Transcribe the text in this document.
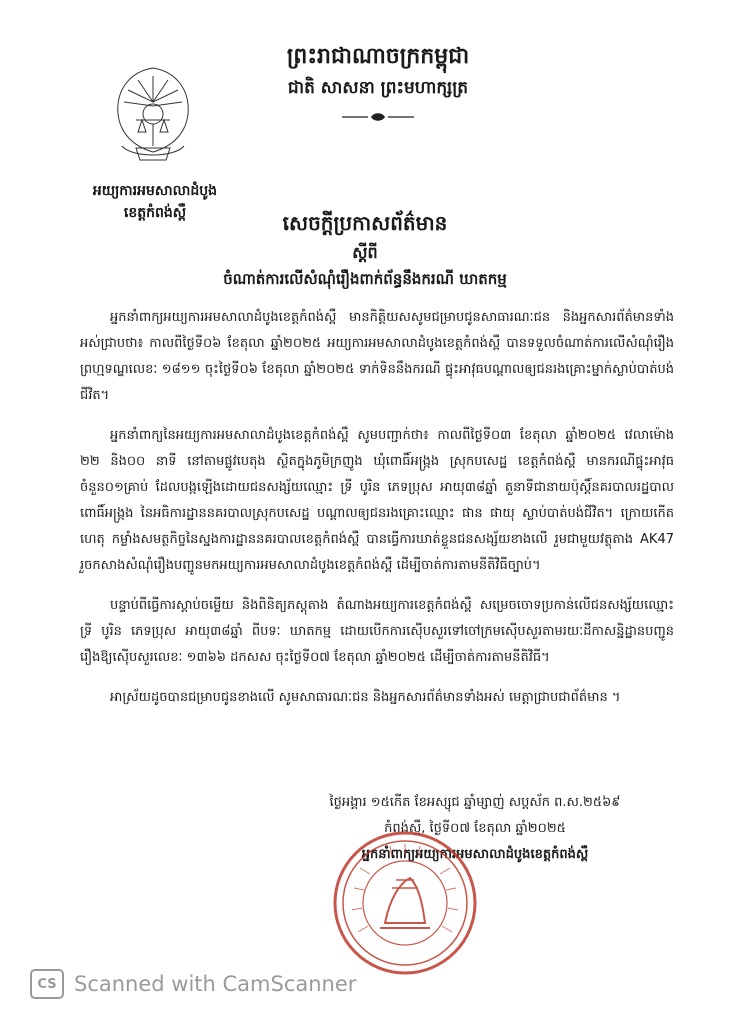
អយ្យការអមសាលាដំបូង
ខេត្តកំពង់ស្ពឺ
ព្រះរាជាណាចក្រកម្ពុជា
ជាតិ សាសនា ព្រះមហាក្សត្រ
សេចក្តីប្រកាសព័ត៌មាន
ស្តីពី
ចំណាត់ការលើសំណុំរឿងពាក់ព័ន្ធនឹងករណី ឃាតកម្ម

អ្នកនាំពាក្យអយ្យការអមសាលាដំបូងខេត្តកំពង់ស្ពឺ មានកិត្តិយសសូមជម្រាបជូនសាធារណៈជន និងអ្នកសារព័ត៌មានទាំងអស់ជ្រាបថា៖ កាលពីថ្ងៃទី០៦ ខែតុលា ឆ្នាំ២០២៥ អយ្យការអមសាលាដំបូងខេត្តកំពង់ស្ពឺ បានទទួលចំណាត់ការលើសំណុំរឿងព្រហ្មទណ្ឌលេខៈ ១៨១១ ចុះថ្ងៃទី០៦ ខែតុលា ឆ្នាំ២០២៥ ទាក់ទិននឹងករណី ផ្ទុះអាវុធបណ្តាលឲ្យជនរងគ្រោះម្នាក់ស្លាប់បាត់បង់ជីវិត។

អ្នកនាំពាក្យនៃអយ្យការអមសាលាដំបូងខេត្តកំពង់ស្ពឺ សូមបញ្ជាក់ថា៖ កាលពីថ្ងៃទី០៣ ខែតុលា ឆ្នាំ២០២៥ វេលាម៉ោង ២២ និង០០ នាទី នៅតាមផ្លូវបេតុង ស្ថិតក្នុងភូមិក្រញូង ឃុំពោធិ៍អង្រ្កង ស្រុកបសេដ្ឋ ខេត្តកំពង់ស្ពឺ មានករណីផ្ទុះអាវុធចំនួន០១គ្រាប់ ដែលបង្កឡើងដោយជនសង្ស័យឈ្មោះ ទ្រី បូរិន ភេទប្រុស អាយុ៣៨ឆ្នាំ តួនាទីជានាយប៉ុស្តិ៍នគរបាលរដ្ឋបាលពោធិ៍អង្រ្កង នៃអធិការដ្ឋាននគរបាលស្រុកបសេដ្ឋ បណ្តាលឲ្យជនរងគ្រោះឈ្មោះ ផាន ផាយុ ស្លាប់បាត់បង់ជីវិត។ ក្រោយកើតហេតុ កម្លាំងសមត្ថកិច្ចនៃស្នងការដ្ឋាននគរបាលខេត្តកំពង់ស្ពឺ បានធ្វើការឃាត់ខ្លួនជនសង្ស័យខាងលើ រួមជាមួយវត្ថុតាង AK47 រួចកសាងសំណុំរឿងបញ្ជូនមកអយ្យការអមសាលាដំបូងខេត្តកំពង់ស្ពឺ ដើម្បីចាត់ការតាមនីតិវិធីច្បាប់។

បន្ទាប់ពីធ្វើការស្តាប់ចម្លើយ និងពិនិត្យភស្តុតាង តំណាងអយ្យការខេត្តកំពង់ស្ពឺ សម្រេចចោទប្រកាន់លើជនសង្ស័យឈ្មោះ ទ្រី បូរិន ភេទប្រុស អាយុ៣៨ឆ្នាំ ពីបទៈ ឃាតកម្ម ដោយបើកការស៊ើបសួរទៅចៅក្រមស៊ើបសួរតាមរយៈដីកាសន្និដ្ឋានបញ្ជូនរឿងឱ្យស៊ើបសួរលេខៈ ១៣៦៦ ដកសស ចុះថ្ងៃទី០៧ ខែតុលា ឆ្នាំ២០២៥ ដើម្បីចាត់ការតាមនីតិវិធី។

អាស្រ័យដូចបានជម្រាបជូនខាងលើ សូមសាធារណៈជន និងអ្នកសារព័ត៌មានទាំងអស់ មេត្តាជ្រាបជាព័ត៌មាន ។

ថ្ងៃអង្គារ ១៥កើត ខែអស្សុជ ឆ្នាំម្សាញ់ សប្តស័ក ព.ស.២៥៦៩
កំពង់ស្ពឺ, ថ្ងៃទី០៧ ខែតុលា ឆ្នាំ២០២៥
អ្នកនាំពាក្យអយ្យការអមសាលាដំបូងខេត្តកំពង់ស្ពឺ
CS Scanned with CamScanner
